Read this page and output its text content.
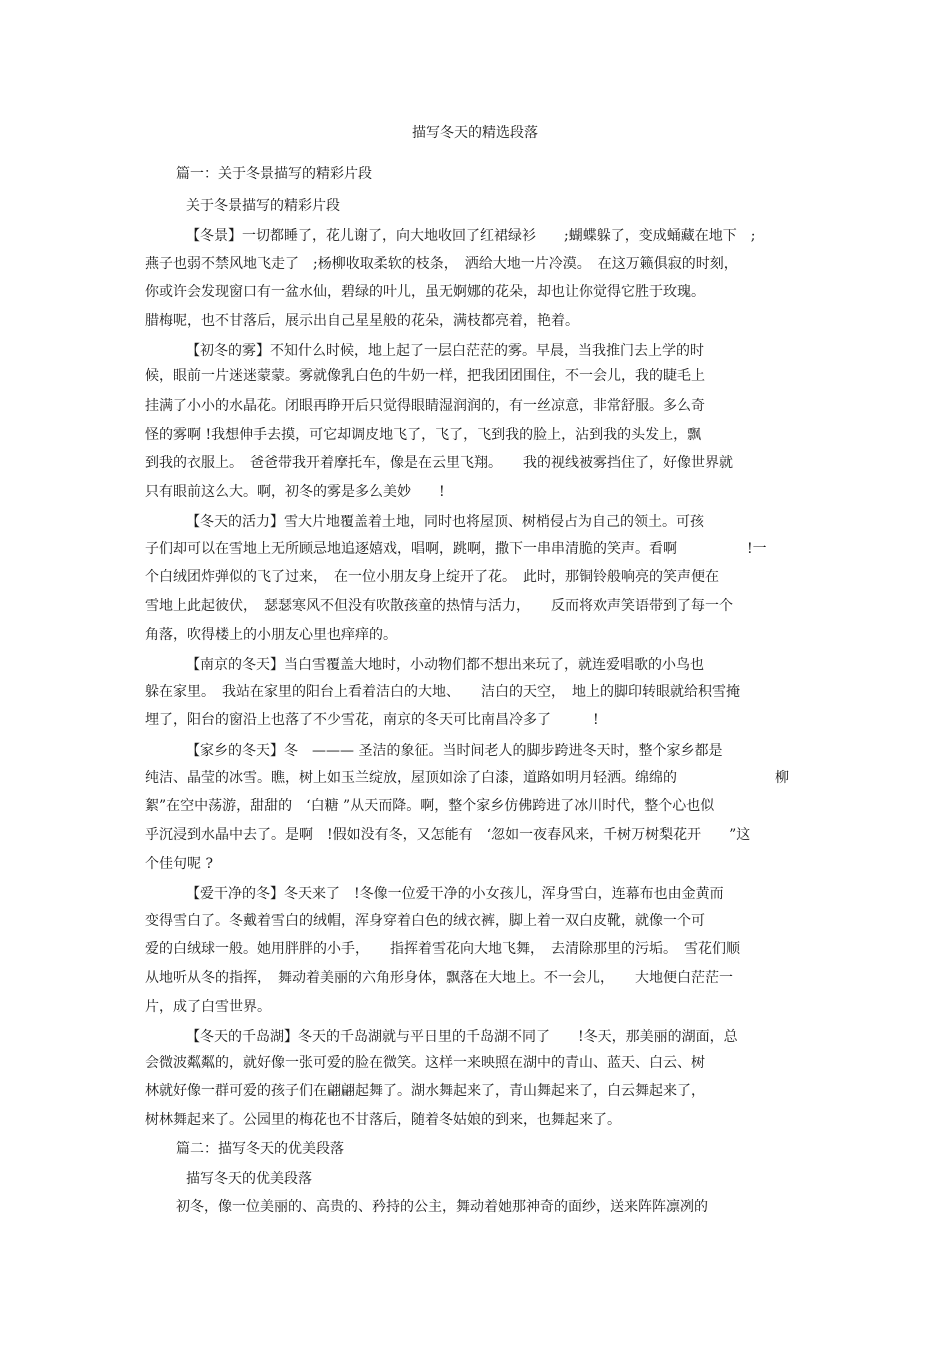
描写冬天的精选段落
篇一：关于冬景描写的精彩片段
关于冬景描写的精彩片段
【冬景】一切都睡了，花儿谢了，向大地收回了红裙绿衫　　;蝴蝶躲了，变成蛹藏在地下　;
燕子也弱不禁风地飞走了　;杨柳收取柔软的枝条，　洒给大地一片冷漠。　在这万籁俱寂的时刻，
你或许会发现窗口有一盆水仙，碧绿的叶儿，虽无婀娜的花朵，却也让你觉得它胜于玫瑰。
腊梅呢，也不甘落后，展示出自己星星般的花朵，满枝都亮着，艳着。
【初冬的雾】不知什么时候，地上起了一层白茫茫的雾。早晨，当我推门去上学的时
候，眼前一片迷迷蒙蒙。雾就像乳白色的牛奶一样，把我团团围住，不一会儿，我的睫毛上
挂满了小小的水晶花。闭眼再睁开后只觉得眼睛湿润润的，有一丝凉意，非常舒服。多么奇
怪的雾啊 !我想伸手去摸，可它却调皮地飞了，飞了，飞到我的脸上，沾到我的头发上，飘
到我的衣服上。　爸爸带我开着摩托车，像是在云里飞翔。　　我的视线被雾挡住了，好像世界就
只有眼前这么大。啊，初冬的雾是多么美妙　　!
【冬天的活力】雪大片地覆盖着土地，同时也将屋顶、树梢侵占为自己的领土。可孩
子们却可以在雪地上无所顾忌地追逐嬉戏，唱啊，跳啊，撒下一串串清脆的笑声。看啊　　　　　!一
个白绒团炸弹似的飞了过来，　在一位小朋友身上绽开了花。　此时，那铜铃般响亮的笑声便在
雪地上此起彼伏，　瑟瑟寒风不但没有吹散孩童的热情与活力，　　反而将欢声笑语带到了每一个
角落，吹得楼上的小朋友心里也痒痒的。
【南京的冬天】当白雪覆盖大地时，小动物们都不想出来玩了，就连爱唱歌的小鸟也
躲在家里。　我站在家里的阳台上看着洁白的大地、　　洁白的天空，　地上的脚印转眼就给积雪掩
埋了，阳台的窗沿上也落了不少雪花，南京的冬天可比南昌冷多了　　　!
【家乡的冬天】冬　——— 圣洁的象征。当时间老人的脚步跨进冬天时，整个家乡都是
纯洁、晶莹的冰雪。瞧，树上如玉兰绽放，屋顶如涂了白漆，道路如明月轻洒。绵绵的　　　　　　　柳
絮”在空中荡游，甜甜的　‘白糖 ”从天而降。啊，整个家乡仿佛跨进了冰川时代，整个心也似
乎沉浸到水晶中去了。是啊　!假如没有冬，又怎能有　‘忽如一夜春风来，千树万树梨花开　　”这
个佳句呢 ?
【爱干净的冬】冬天来了　!冬像一位爱干净的小女孩儿，浑身雪白，连幕布也由金黄而
变得雪白了。冬戴着雪白的绒帽，浑身穿着白色的绒衣裤，脚上着一双白皮靴，就像一个可
爱的白绒球一般。她用胖胖的小手，　　指挥着雪花向大地飞舞，　去清除那里的污垢。　雪花们顺
从地听从冬的指挥，　舞动着美丽的六角形身体，飘落在大地上。不一会儿，　　大地便白茫茫一
片，成了白雪世界。
【冬天的千岛湖】冬天的千岛湖就与平日里的千岛湖不同了　　!冬天，那美丽的湖面，总
会微波粼粼的，就好像一张可爱的脸在微笑。这样一来映照在湖中的青山、蓝天、白云、树
林就好像一群可爱的孩子们在翩翩起舞了。湖水舞起来了，青山舞起来了，白云舞起来了，
树林舞起来了。公园里的梅花也不甘落后，随着冬姑娘的到来，也舞起来了。
篇二：描写冬天的优美段落
描写冬天的优美段落
初冬，像一位美丽的、高贵的、矜持的公主，舞动着她那神奇的面纱，送来阵阵凛冽的
